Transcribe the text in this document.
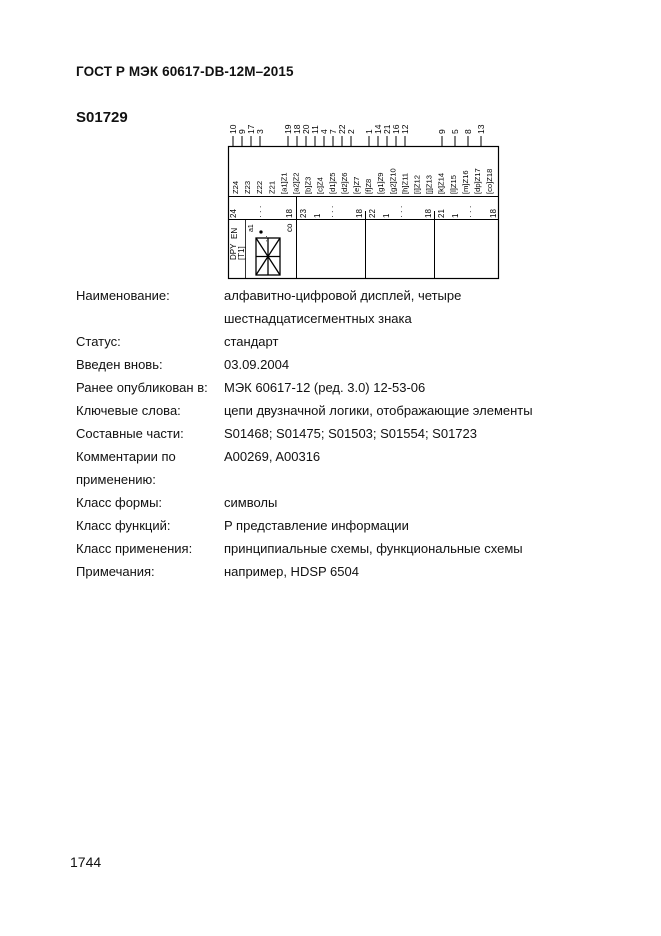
ГОСТ Р МЭК 60617-DB-12M–2015
S01729
10 9 17 3 19 18 20 11 4 7 22 2 1 14 21 16 12	9 5 8 13
Z24 Z23 Z22 Z21 [a1]Z1 [a2]Z2 [b]Z3 [c]Z4 [d1]Z5 [d2]Z6 [e]Z7 [f]Z8 [g1]Z9 [g2]Z10 [h]Z11 [i]Z12 [j]Z13 [k]Z14 [l]Z15 [m]Z16 [dp]Z17 [co]Z18
24 · · ·	18 23 1 · · · 18 22 1 · · · 18 21 1 · · · 18
DPY [T1]
EN a1
. .
co
Наименование:	алфавитно-цифровой дисплей, четыре
шестнадцатисегментных знака
Статус:	стандарт
Введен вновь:	03.09.2004
Ранее опубликован в:	МЭК 60617-12 (ред. 3.0) 12-53-06
Ключевые слова:	цепи двузначной логики, отображающие элементы
Составные части:	S01468; S01475; S01503; S01554; S01723
Комментарии по	A00269, A00316
применению:
Класс формы:	символы
Класс функций:	P представление информации
Класс применения:	принципиальные схемы, функциональные схемы
Примечания:	например, HDSP 6504
1744
